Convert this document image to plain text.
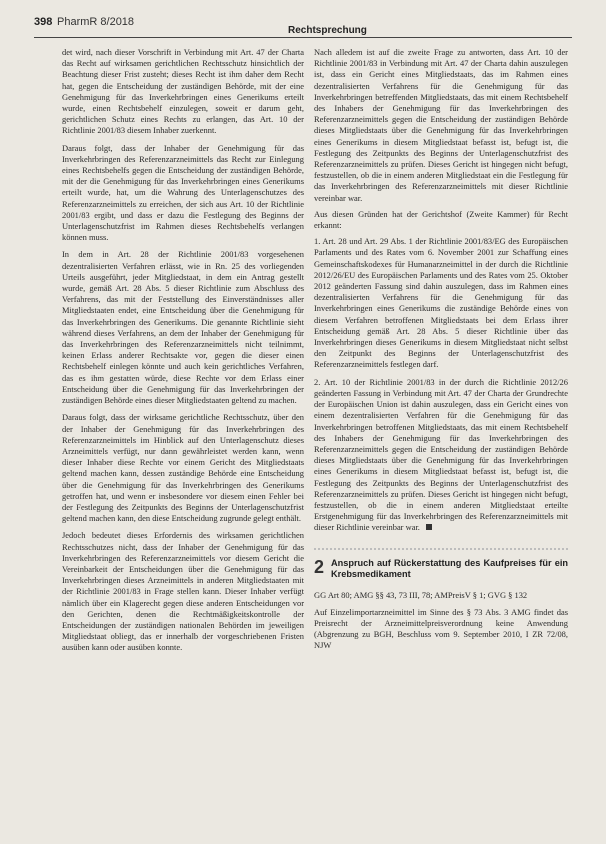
398 PharmR 8/2018
Rechtsprechung

det wird, nach dieser Vorschrift in Verbindung mit Art. 47 der Charta das Recht auf wirksamen gerichtlichen Rechtsschutz hinsichtlich der Beachtung dieser Frist zusteht; dieses Recht ist ihm daher dem Recht hat, gegen die Entscheidung der zuständigen Behörde, mit der eine Genehmigung für das Inverkehrbringen eines Generikums erteilt wurde, einen Rechtsbehelf einzulegen, soweit er darum geht, gerichtlichen Schutz eines Rechts zu erlangen, das Art. 10 der Richtlinie 2001/83 diesem Inhaber zuerkennt.

Daraus folgt, dass der Inhaber der Genehmigung für das Inverkehrbringen des Referenzarzneimittels das Recht zur Einlegung eines Rechtsbehelfs gegen die Entscheidung der zuständigen Behörde, mit der die Genehmigung für das Inverkehrbringen eines Generikums erteilt wurde, hat, um die Wahrung des Unterlagenschutzes des Referenzarzneimittels zu erreichen, der sich aus Art. 10 der Richtlinie 2001/83 ergibt, und dass er dazu die Festlegung des Beginns der Unterlagenschutzfrist im Rahmen dieses Rechtsbehelfs verlangen können muss.

In dem in Art. 28 der Richtlinie 2001/83 vorgesehenen dezentralisierten Verfahren erlässt, wie in Rn. 25 des vorliegenden Urteils ausgeführt, jeder Mitgliedstaat, in dem ein Antrag gestellt wurde, gemäß Art. 28 Abs. 5 dieser Richtlinie zum Abschluss des Verfahrens, das mit der Feststellung des Einverständnisses aller Mitgliedstaaten endet, eine Entscheidung über die Genehmigung für das Inverkehrbringen des Generikums. Die genannte Richtlinie sieht während dieses Verfahrens, an dem der Inhaber der Genehmigung für das Inverkehrbringen des Referenzarzneimittels nicht teilnimmt, keinen Erlass anderer Rechtsakte vor, gegen die dieser einen Rechtsbehelf einlegen könnte und auch kein gerichtliches Verfahren, das es ihm gestatten würde, diese Rechte vor dem Erlass einer Entscheidung über die Genehmigung für das Inverkehrbringen der zuständigen Behörde eines dieser Mitgliedstaaten geltend zu machen.

Daraus folgt, dass der wirksame gerichtliche Rechtsschutz, über den der Inhaber der Genehmigung für das Inverkehrbringen des Referenzarzneimittels im Hinblick auf den Unterlagenschutz dieses Arzneimittels verfügt, nur dann gewährleistet werden kann, wenn dieser Inhaber diese Rechte vor einem Gericht des Mitgliedstaats geltend machen kann, dessen zuständige Behörde eine Entscheidung über die Genehmigung für das Inverkehrbringen des Generikums getroffen hat, und wenn er insbesondere vor diesem einen Fehler bei der Festlegung des Zeitpunkts des Beginns der Unterlagenschutzfrist geltend machen kann, den diese Entscheidung zugrunde gelegt enthält.

Jedoch bedeutet dieses Erfordernis des wirksamen gerichtlichen Rechtsschutzes nicht, dass der Inhaber der Genehmigung für das Inverkehrbringen des Referenzarzneimittels vor diesem Gericht die Vereinbarkeit der Entscheidungen über die Genehmigung für das Inverkehrbringen dieses Arzneimittels in anderen Mitgliedstaaten mit der Richtlinie 2001/83 in Frage stellen kann. Dieser Inhaber verfügt nämlich über ein Klagerecht gegen diese anderen Entscheidungen vor den Gerichten, denen die Rechtmäßigkeitskontrolle der Entscheidungen der zuständigen nationalen Behörden im jeweiligen Mitgliedstaat obliegt, das er innerhalb der vorgeschriebenen Fristen ausüben kann oder ausüben konnte.

Nach alledem ist auf die zweite Frage zu antworten, dass Art. 10 der Richtlinie 2001/83 in Verbindung mit Art. 47 der Charta dahin auszulegen ist, dass ein Gericht eines Mitgliedstaats, das im Rahmen eines dezentralisierten Verfahrens für die Genehmigung für das Inverkehrbringen betreffenden Mitgliedstaats, das mit einem Rechtsbehelf des Inhabers der Genehmigung für das Inverkehrbringen des Referenzarzneimittels gegen die Entscheidung der zuständigen Behörde dieses Mitgliedstaats über die Genehmigung für das Inverkehrbringen eines Generikums in diesem Mitgliedstaat befasst ist, befugt ist, die Festlegung des Zeitpunkts des Beginns der Unterlagenschutzfrist des Referenzarzneimittels zu prüfen. Dieses Gericht ist hingegen nicht befugt, festzustellen, ob die in einem anderen Mitgliedstaat ein die Festlegung für das Inverkehrbringen des Referenzarzneimittels mit dieser Richtlinie vereinbar war.

Aus diesen Gründen hat der Gerichtshof (Zweite Kammer) für Recht erkannt:

1. Art. 28 und Art. 29 Abs. 1 der Richtlinie 2001/83/EG des Europäischen Parlaments und des Rates vom 6. November 2001 zur Schaffung eines Gemeinschaftskodexes für Humanarzneimittel in der durch die Richtlinie 2012/26/EU des Europäischen Parlaments und des Rates vom 25. Oktober 2012 geänderten Fassung sind dahin auszulegen, dass im Rahmen eines dezentralisierten Verfahrens für die Genehmigung für das Inverkehrbringen eines Generikums die zuständige Behörde eines von diesem Verfahren betroffenen Mitgliedstaats bei dem Erlass ihrer Entscheidung gemäß Art. 28 Abs. 5 dieser Richtlinie über das Inverkehrbringen dieses Generikums in diesem Mitgliedstaat nicht selbst den Zeitpunkt des Beginns der Unterlagenschutzfrist des Referenzarzneimittels festlegen darf.

2. Art. 10 der Richtlinie 2001/83 in der durch die Richtlinie 2012/26 geänderten Fassung in Verbindung mit Art. 47 der Charta der Grundrechte der Europäischen Union ist dahin auszulegen, dass ein Gericht eines von einem dezentralisierten Verfahren für die Genehmigung für das Inverkehrbringen betroffenen Mitgliedstaats, das mit einem Rechtsbehelf des Inhabers der Genehmigung für das Inverkehrbringen des Referenzarzneimittels gegen die Entscheidung der zuständigen Behörde dieses Mitgliedstaats über die Genehmigung für das Inverkehrbringen eines Generikums in diesem Mitgliedstaat befasst ist, befugt ist, die Festlegung des Zeitpunkts des Beginns der Unterlagenschutzfrist des Referenzarzneimittels zu prüfen. Dieses Gericht ist hingegen nicht befugt, festzustellen, ob die in einem anderen Mitgliedstaat erteilte Erstgenehmigung für das Inverkehrbringen des Referenzarzneimittels mit dieser Richtlinie vereinbar war.

2 Anspruch auf Rückerstattung des Kaufpreises für ein Krebsmedikament

GG Art 80; AMG §§ 43, 73 III, 78; AMPreisV § 1; GVG § 132

Auf Einzelimportarzneimittel im Sinne des § 73 Abs. 3 AMG findet das Preisrecht der Arzneimittelpreisverordnung keine Anwendung (Abgrenzung zu BGH, Beschluss vom 9. September 2010, I ZR 72/08, NJW
